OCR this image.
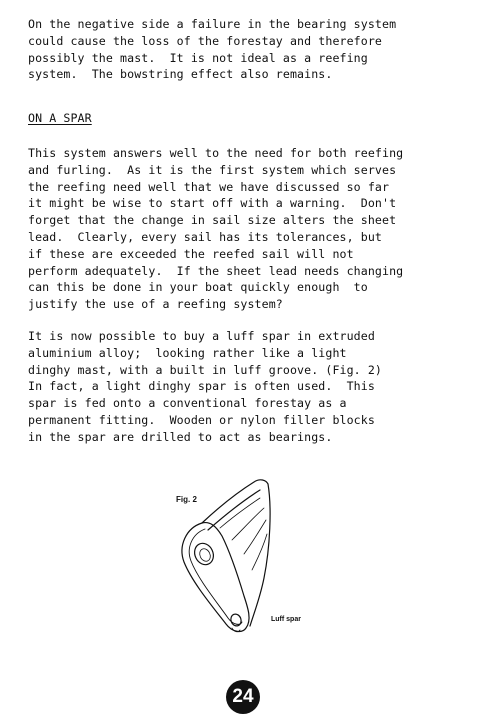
On the negative side a failure in the bearing system
could cause the loss of the forestay and therefore
possibly the mast.  It is not ideal as a reefing
system.  The bowstring effect also remains.

ON A SPAR

This system answers well to the need for both reefing
and furling.  As it is the first system which serves
the reefing need well that we have discussed so far
it might be wise to start off with a warning.  Don't
forget that the change in sail size alters the sheet
lead.  Clearly, every sail has its tolerances, but
if these are exceeded the reefed sail will not
perform adequately.  If the sheet lead needs changing
can this be done in your boat quickly enough  to
justify the use of a reefing system?

It is now possible to buy a luff spar in extruded
aluminium alloy;  looking rather like a light
dinghy mast, with a built in luff groove. (Fig. 2)
In fact, a light dinghy spar is often used.  This
spar is fed onto a conventional forestay as a
permanent fitting.  Wooden or nylon filler blocks
in the spar are drilled to act as bearings.

Fig. 2
Luff spar
24
